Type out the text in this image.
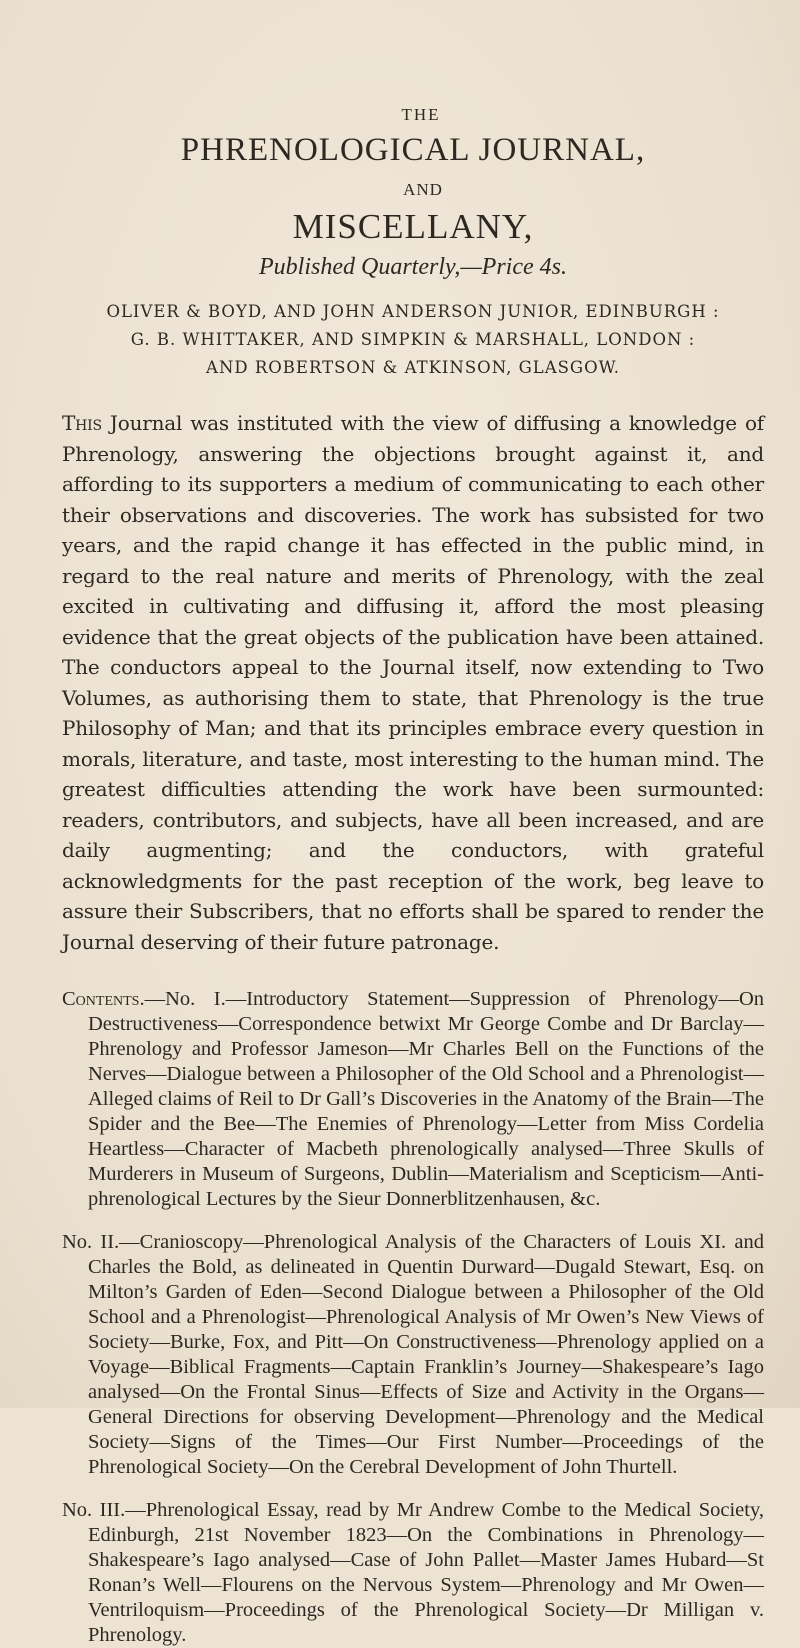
THE

PHRENOLOGICAL JOURNAL,

AND

MISCELLANY,

Published Quarterly,—Price 4s.

OLIVER & BOYD, AND JOHN ANDERSON JUNIOR, EDINBURGH :
G. B. WHITTAKER, AND SIMPKIN & MARSHALL, LONDON :
AND ROBERTSON & ATKINSON, GLASGOW.

This Journal was instituted with the view of diffusing a knowledge of Phrenology, answering the objections brought against it, and affording to its supporters a medium of communicating to each other their observations and discoveries. The work has subsisted for two years, and the rapid change it has effected in the public mind, in regard to the real nature and merits of Phrenology, with the zeal excited in cultivating and diffusing it, afford the most pleasing evidence that the great objects of the publication have been attained. The conductors appeal to the Journal itself, now extending to Two Volumes, as authorising them to state, that Phrenology is the true Philosophy of Man; and that its principles embrace every question in morals, literature, and taste, most interesting to the human mind. The greatest difficulties attending the work have been surmounted: readers, contributors, and subjects, have all been increased, and are daily augmenting; and the conductors, with grateful acknowledgments for the past reception of the work, beg leave to assure their Subscribers, that no efforts shall be spared to render the Journal deserving of their future patronage.

Contents.—No. I.—Introductory Statement—Suppression of Phrenology—On Destructiveness—Correspondence betwixt Mr George Combe and Dr Barclay—Phrenology and Professor Jameson—Mr Charles Bell on the Functions of the Nerves—Dialogue between a Philosopher of the Old School and a Phrenologist—Alleged claims of Reil to Dr Gall’s Discoveries in the Anatomy of the Brain—The Spider and the Bee—The Enemies of Phrenology—Letter from Miss Cordelia Heartless—Character of Macbeth phrenologically analysed—Three Skulls of Murderers in Museum of Surgeons, Dublin—Materialism and Scepticism—Anti-phrenological Lectures by the Sieur Donnerblitzenhausen, &c.

No. II.—Cranioscopy—Phrenological Analysis of the Characters of Louis XI. and Charles the Bold, as delineated in Quentin Durward—Dugald Stewart, Esq. on Milton’s Garden of Eden—Second Dialogue between a Philosopher of the Old School and a Phrenologist—Phrenological Analysis of Mr Owen’s New Views of Society—Burke, Fox, and Pitt—On Constructiveness—Phrenology applied on a Voyage—Biblical Fragments—Captain Franklin’s Journey—Shakespeare’s Iago analysed—On the Frontal Sinus—Effects of Size and Activity in the Organs—General Directions for observing Development—Phrenology and the Medical Society—Signs of the Times—Our First Number—Proceedings of the Phrenological Society—On the Cerebral Development of John Thurtell.

No. III.—Phrenological Essay, read by Mr Andrew Combe to the Medical Society, Edinburgh, 21st November 1823—On the Combinations in Phrenology—Shakespeare’s Iago analysed—Case of John Pallet—Master James Hubard—St Ronan’s Well—Flourens on the Nervous System—Phrenology and Mr Owen—Ventriloquism—Proceedings of the Phrenological Society—Dr Milligan v. Phrenology.
